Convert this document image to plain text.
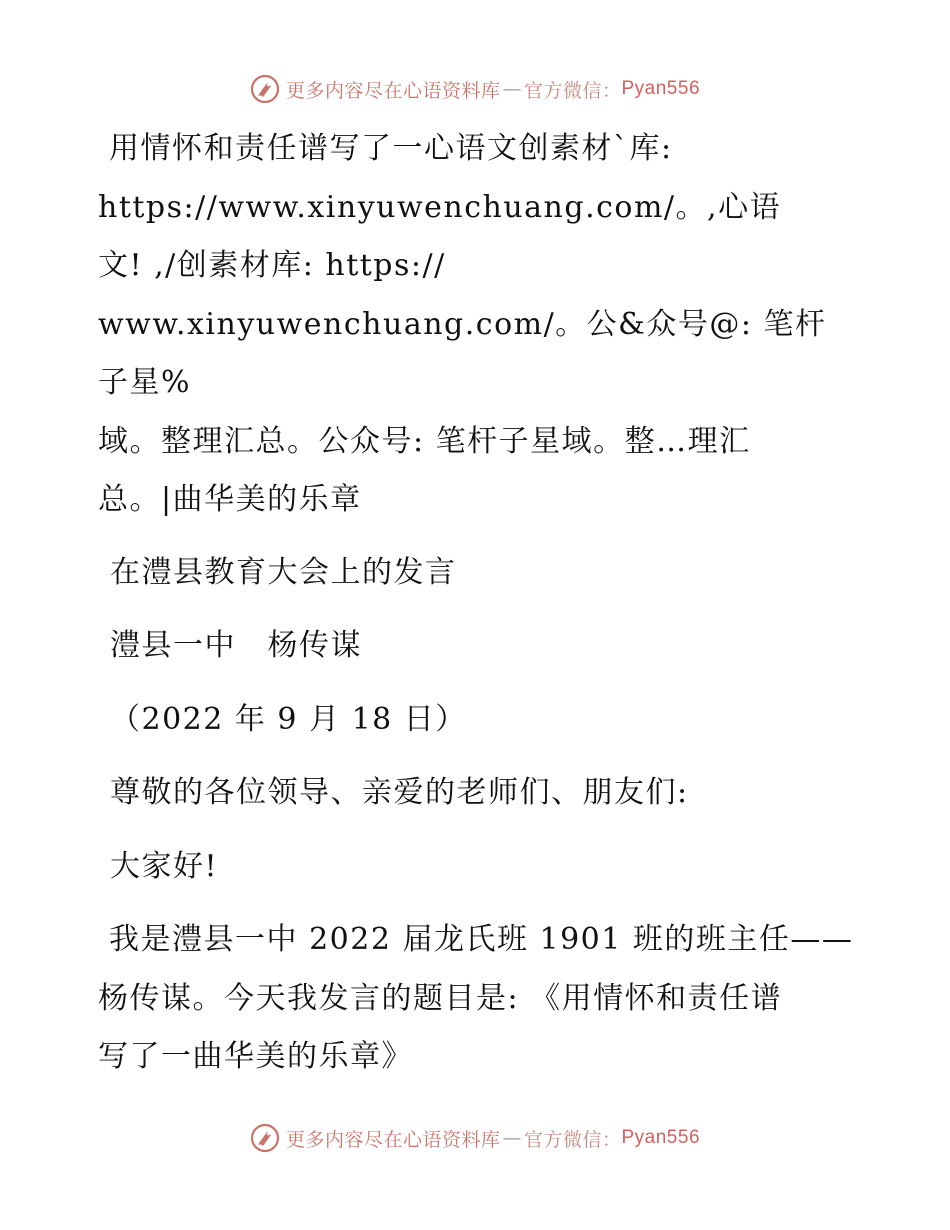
更多内容尽在心语资料库 — 官方微信： Pyan556

用情怀和责任谱写了一心语文创素材`库:

https://www.xinyuwenchuang.com/。,心语

文! ,/创素材库: https://

www.xinyuwenchuang.com/。公&众号@: 笔杆子星%

域。整理汇总。公众号: 笔杆子星域。整…理汇

总。|曲华美的乐章

在澧县教育大会上的发言

澧县一中　杨传谋

（2022 年 9 月 18 日）

尊敬的各位领导、亲爱的老师们、朋友们:

大家好!

我是澧县一中 2022 届龙氏班 1901 班的班主任——

杨传谋。今天我发言的题目是: 《用情怀和责任谱

写了一曲华美的乐章》

更多内容尽在心语资料库 — 官方微信： Pyan556
